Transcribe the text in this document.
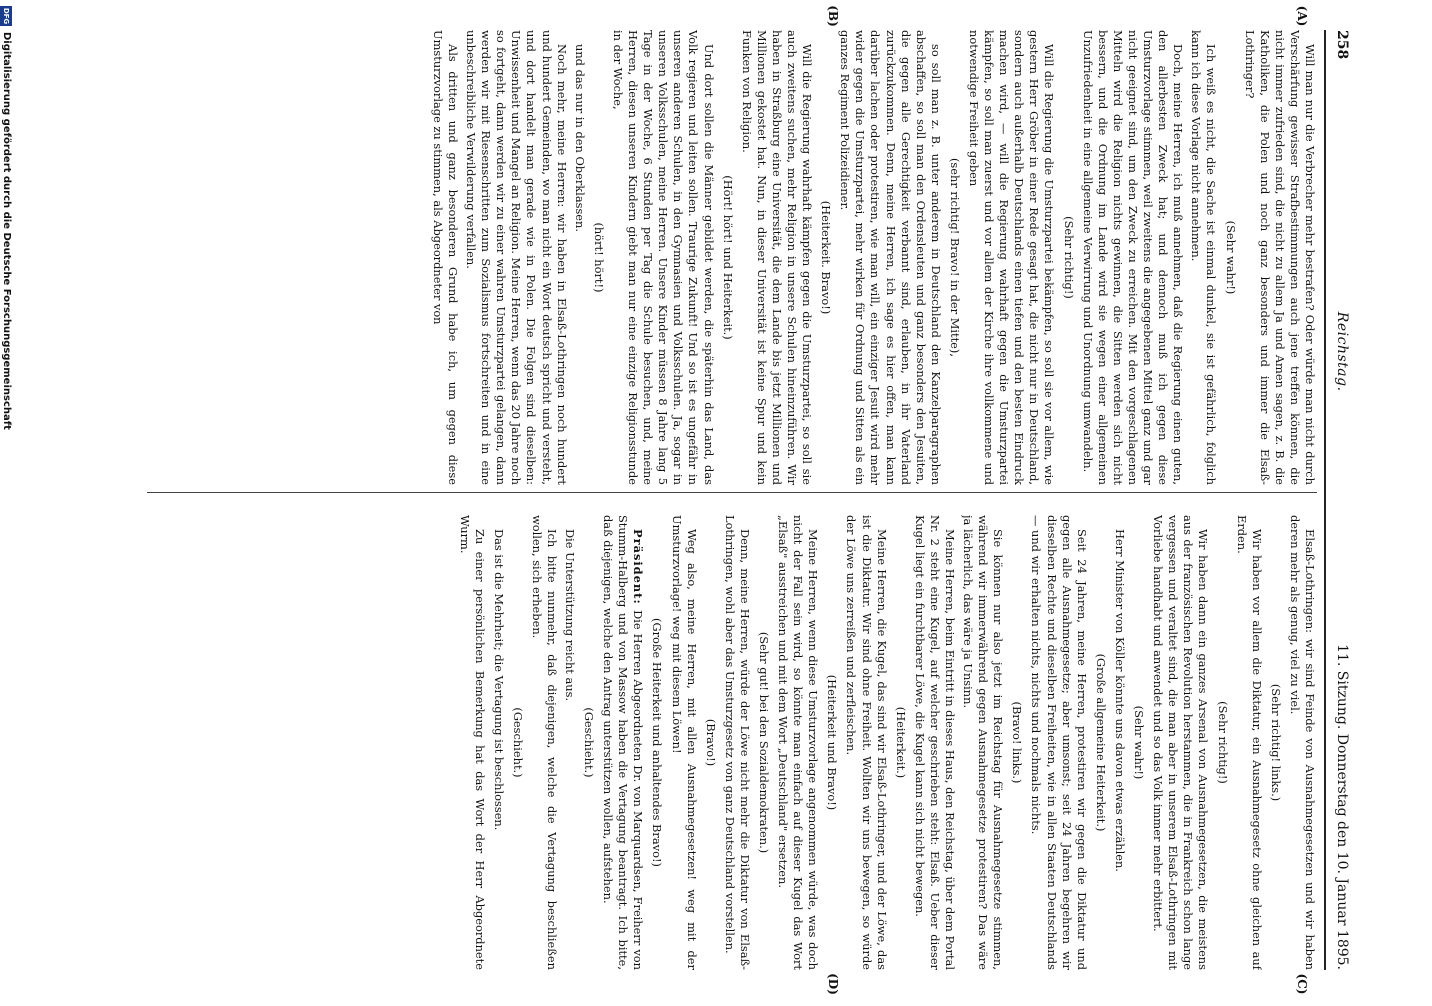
258
Reichstag.
11. Sitzung. Donnerstag den 10. Januar 1895.
(A)
(B)
(C)
(D)

Will man nur die Verbrecher mehr bestrafen? Oder würde man nicht durch Verschärfung gewisser Strafbestimmungen auch jene treffen können, die nicht immer zufrieden sind, die nicht zu allem Ja und Amen sagen, z. B. die Katholiken, die Polen und noch ganz besonders und immer die Elsaß-Lothringer?

(Sehr wahr!)

Ich weiß es nicht, die Sache ist einmal dunkel, sie ist gefährlich, folglich kann ich diese Vorlage nicht annehmen.

Doch, meine Herren, ich muß annehmen, daß die Regierung einen guten, den allerbesten Zweck hat; und dennoch muß ich gegen diese Umsturzvorlage stimmen, weil zweitens die angegebenen Mittel ganz und gar nicht geeignet sind, um den Zweck zu erreichen. Mit den vorgeschlagenen Mitteln wird die Religion nichts gewinnen, die Sitten werden sich nicht bessern, und die Ordnung im Lande wird sie wegen einer allgemeinen Unzufriedenheit in eine allgemeine Verwirrung und Unordnung umwandeln.

(Sehr richtig!)

Will die Regierung die Umsturzpartei bekämpfen, so soll sie vor allem, wie gestern Herr Gröber in einer Rede gesagt hat, die nicht nur in Deutschland, sondern auch außerhalb Deutschlands einen tiefen und den besten Eindruck machen wird, — will die Regierung wahrhaft gegen die Umsturzpartei kämpfen, so soll man zuerst und vor allem der Kirche ihre vollkommene und notwendige Freiheit geben

(sehr richtig! Bravo! in der Mitte),

so soll man z. B. unter anderem in Deutschland den Kanzelparagraphen abschaffen, so soll man den Ordensleuten und ganz besonders den Jesuiten, die gegen alle Gerechtigkeit verbannt sind, erlauben, in ihr Vaterland zurückzukommen. Denn, meine Herren, ich sage es hier offen, man kann darüber lachen oder protestiren, wie man will, ein einziger Jesuit wird mehr wider gegen die Umsturzpartei, mehr wirken für Ordnung und Sitten als ein ganzes Regiment Polizeidiener.

(Heiterkeit. Bravo!)

Will die Regierung wahrhaft kämpfen gegen die Umsturzpartei, so soll sie auch zweitens suchen, mehr Religion in unsere Schulen hineinzuführen. Wir haben in Straßburg eine Universität, die dem Lande bis jetzt Millionen und Millionen gekostet hat. Nun, in dieser Universität ist keine Spur und kein Funken von Religion.

(Hört! hört! und Heiterkeit.)

Und dort sollen die Männer gebildet werden, die späterhin das Land, das Volk regieren und leiten sollen. Traurige Zukunft! Und so ist es ungefähr in unseren anderen Schulen, in den Gymnasien und Volksschulen. Ja, sogar in unseren Volksschulen, meine Herren. Unsere Kinder müssen 8 Jahre lang 5 Tage in der Woche, 6 Stunden per Tag die Schule besuchen, und, meine Herren, diesen unseren Kindern giebt man nur eine einzige Religionsstunde in der Woche,

(hört! hört!)

und das nur in den Oberklassen.

Noch mehr, meine Herren: wir haben in Elsaß-Lothringen noch hundert und hundert Gemeinden, wo man nicht ein Wort deutsch spricht und versteht, und dort handelt man gerade wie in Polen. Die Folgen sind dieselben: Unwissenheit und Mangel an Religion. Meine Herren, wenn das 20 Jahre noch so fortgeht, dann werden wir zu einer wahren Umsturzpartei gelangen, dann werden wir mit Riesenschritten zum Sozialismus fortschreiten und in eine unbeschreibliche Verwilderung verfallen.

Als dritten und ganz besonderen Grund habe ich, um gegen diese Umsturzvorlage zu stimmen, als Abgeordneter von

Elsaß-Lothringen: wir sind Feinde von Ausnahmegesetzen und wir haben deren mehr als genug, viel zu viel.

(Sehr richtig! links.)

Wir haben vor allem die Diktatur, ein Ausnahmegesetz ohne gleichen auf Erden.

(Sehr richtig!)

Wir haben dann ein ganzes Arsenal von Ausnahmegesetzen, die meistens aus der französischen Revolution herstammen, die in Frankreich schon lange vergessen und veraltet sind, die man aber in unserem Elsaß-Lothringen mit Vorliebe handhabt und anwendet und so das Volk immer mehr erbittert.

(Sehr wahr!)

Herr Minister von Köller könnte uns davon etwas erzählen.

(Große allgemeine Heiterkeit.)

Seit 24 Jahren, meine Herren, protestiren wir gegen die Diktatur und gegen alle Ausnahmegesetze; aber umsonst; seit 24 Jahren begehren wir dieselben Rechte und dieselben Freiheiten, wie in allen Staaten Deutschlands — und wir erhalten nichts, nichts und nochmals nichts.

(Bravo! links.)

Sie können nur also jetzt im Reichstag für Ausnahmegesetze stimmen, während wir immerwährend gegen Ausnahmegesetze protestiren? Das wäre ja lächerlich, das wäre ja Unsinn.

Meine Herren, beim Eintritt in dieses Haus, den Reichstag, über dem Portal Nr. 2 steht eine Kugel, auf welcher geschrieben steht: Elsaß. Ueber dieser Kugel liegt ein furchtbarer Löwe, die Kugel kann sich nicht bewegen.

(Heiterkeit.)

Meine Herren, die Kugel, das sind wir Elsaß-Lothringer, und der Löwe, das ist die Diktatur. Wir sind ohne Freiheit. Wollten wir uns bewegen, so würde der Löwe uns zerreißen und zerfleischen.

(Heiterkeit und Bravo!)

Meine Herren, wenn diese Umsturzvorlage angenommen würde, was doch nicht der Fall sein wird, so könnte man einfach auf dieser Kugel das Wort „Elsaß" ausstreichen und mit dem Wort „Deutschland" ersetzen.

(Sehr gut! bei den Sozialdemokraten.)

Denn, meine Herren, würde der Löwe nicht mehr die Diktatur von Elsaß-Lothringen, wohl aber das Umsturzgesetz von ganz Deutschland vorstellen.

(Bravo!)

Weg also, meine Herren, mit allen Ausnahmegesetzen! weg mit der Umsturzvorlage! weg mit diesem Löwen!

(Große Heiterkeit und anhaltendes Bravo!)

Präsident: Die Herren Abgeordneten Dr. von Marquardsen, Freiherr von Stumm-Halberg und von Massow haben die Vertagung beantragt. Ich bitte, daß diejenigen, welche den Antrag unterstützen wollen, aufstehen.

(Geschieht.)

Die Unterstützung reicht aus.

Ich bitte nunmehr, daß diejenigen, welche die Vertagung beschließen wollen, sich erheben.

(Geschieht.)

Das ist die Mehrheit; die Vertagung ist beschlossen.

Zu einer persönlichen Bemerkung hat das Wort der Herr Abgeordnete Wurm.

DFG
Digitalisierung gefördert durch die Deutsche Forschungsgemeinschaft
